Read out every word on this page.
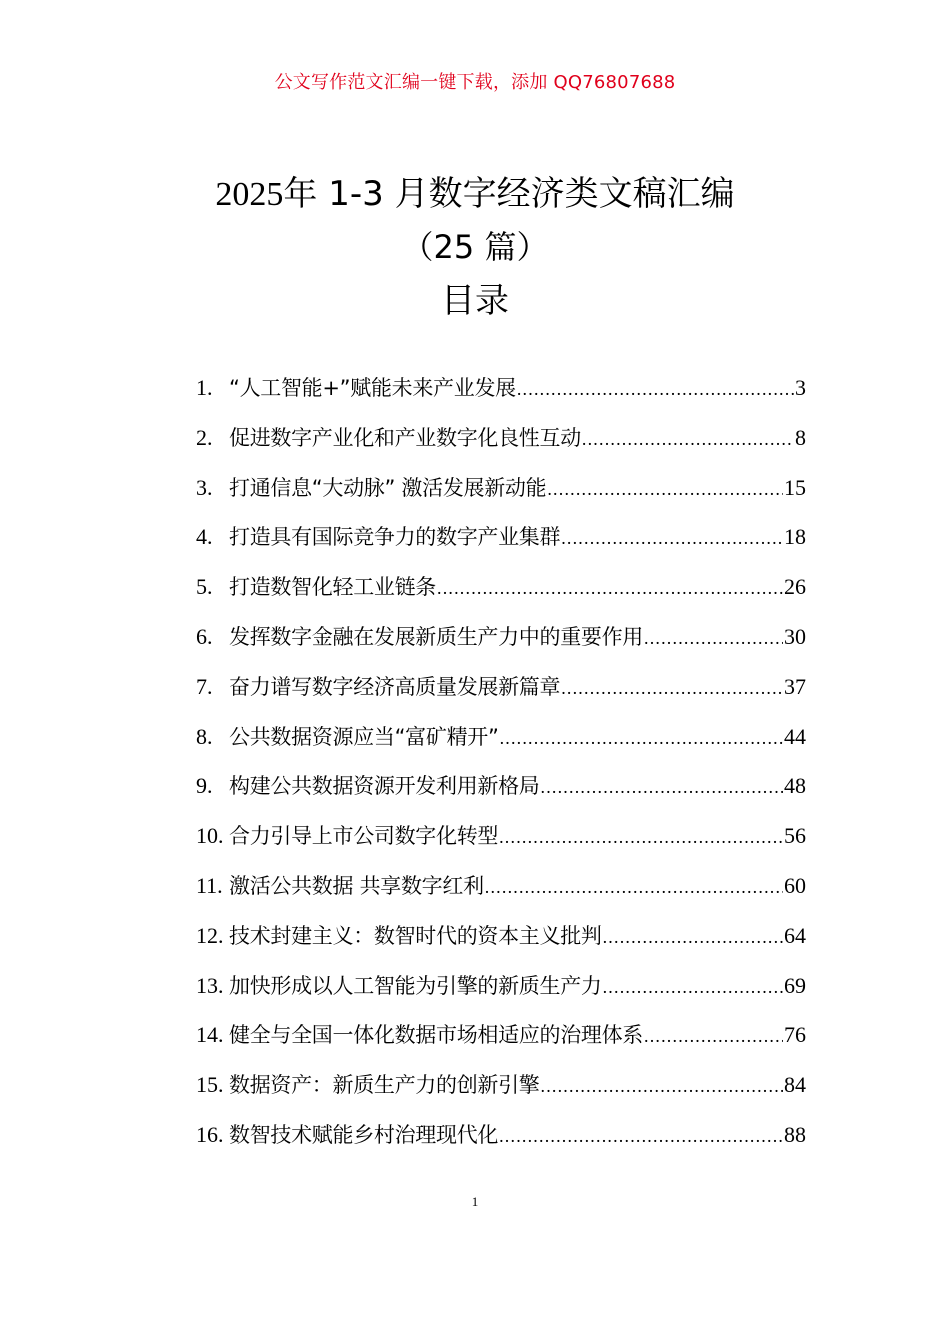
公文写作范文汇编一键下载，添加 QQ76807688
2025年 1-3 月数字经济类文稿汇编
（25 篇）
目录
1. “人工智能+”赋能未来产业发展 .....	3
2. 促进数字产业化和产业数字化良性互动 .....	8
3. 打通信息“大动脉” 激活发展新动能 .....	15
4. 打造具有国际竞争力的数字产业集群 .....	18
5. 打造数智化轻工业链条 .....	26
6. 发挥数字金融在发展新质生产力中的重要作用 .....	30
7. 奋力谱写数字经济高质量发展新篇章 .....	37
8. 公共数据资源应当“富矿精开” .....	44
9. 构建公共数据资源开发利用新格局 .....	48
10. 合力引导上市公司数字化转型 .....	56
11. 激活公共数据 共享数字红利 .....	60
12. 技术封建主义：数智时代的资本主义批判 .....	64
13. 加快形成以人工智能为引擎的新质生产力 .....	69
14. 健全与全国一体化数据市场相适应的治理体系 .....	76
15. 数据资产：新质生产力的创新引擎 .....	84
16. 数智技术赋能乡村治理现代化 .....	88
1
